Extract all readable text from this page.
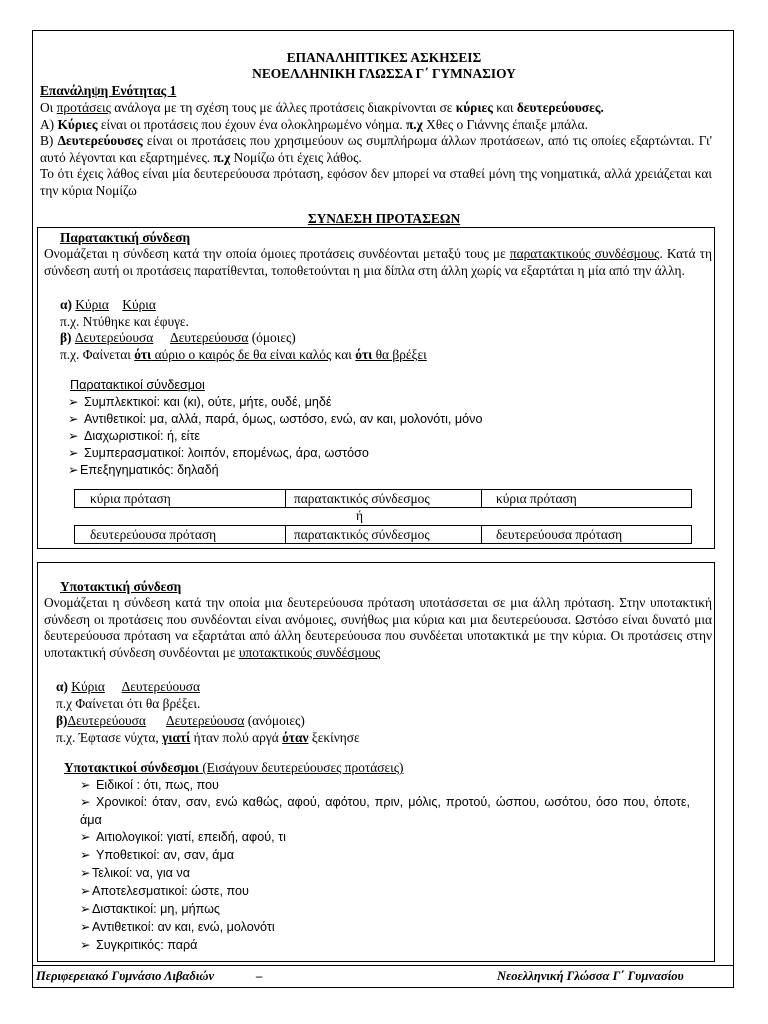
ΕΠΑΝΑΛΗΠΤΙΚΕΣ ΑΣΚΗΣΕΙΣ
ΝΕΟΕΛΛΗΝΙΚΗ ΓΛΩΣΣΑ Γ΄ ΓΥΜΝΑΣΙΟΥ
Επανάληψη Ενότητας 1
Οι προτάσεις ανάλογα με τη σχέση τους με άλλες προτάσεις διακρίνονται σε κύριες και δευτερεύουσες.
Α) Κύριες είναι οι προτάσεις που έχουν ένα ολοκληρωμένο νόημα. π.χ Χθες ο Γιάννης έπαιξε μπάλα.
Β) Δευτερεύουσες είναι οι προτάσεις που χρησιμεύουν ως συμπλήρωμα άλλων προτάσεων, από τις οποίες εξαρτώνται. Γι' αυτό λέγονται και εξαρτημένες. π.χ Νομίζω ότι έχεις λάθος.
Το ότι έχεις λάθος είναι μία δευτερεύουσα πρόταση, εφόσον δεν μπορεί να σταθεί μόνη της νοηματικά, αλλά χρειάζεται και την κύρια Νομίζω
ΣΥΝΔΕΣΗ ΠΡΟΤΑΣΕΩΝ
Παρατακτική σύνδεση
Ονομάζεται η σύνδεση κατά την οποία όμοιες προτάσεις συνδέονται μεταξύ τους με παρατακτικούς συνδέσμους. Κατά τη σύνδεση αυτή οι προτάσεις παρατίθενται, τοποθετούνται η μια δίπλα στη άλλη χωρίς να εξαρτάται η μία από την άλλη.
α) Κύρια Κύρια
π.χ. Ντύθηκε και έφυγε.
β) Δευτερεύουσα Δευτερεύουσα (όμοιες)
π.χ. Φαίνεται ότι αύριο ο καιρός δε θα είναι καλός και ότι θα βρέξει
Παρατακτικοί σύνδεσμοι
➢ Συμπλεκτικοί: και (κι), ούτε, μήτε, ουδέ, μηδέ
➢ Αντιθετικοί: μα, αλλά, παρά, όμως, ωστόσο, ενώ, αν και, μολονότι, μόνο
➢ Διαχωριστικοί: ή, είτε
➢ Συμπερασματικοί: λοιπόν, επομένως, άρα, ωστόσο
➢Επεξηγηματικός: δηλαδή
κύρια πρόταση	παρατακτικός σύνδεσμος	κύρια πρόταση
ή
δευτερεύουσα πρόταση	παρατακτικός σύνδεσμος	δευτερεύουσα πρόταση
Υποτακτική σύνδεση
Ονομάζεται η σύνδεση κατά την οποία μια δευτερεύουσα πρόταση υποτάσσεται σε μια άλλη πρόταση. Στην υποτακτική σύνδεση οι προτάσεις που συνδέονται είναι ανόμοιες, συνήθως μια κύρια και μια δευτερεύουσα. Ωστόσο είναι δυνατό μια δευτερεύουσα πρόταση να εξαρτάται από άλλη δευτερεύουσα που συνδέεται υποτακτικά με την κύρια. Οι προτάσεις στην υποτακτική σύνδεση συνδέονται με υποτακτικούς συνδέσμους
α) Κύρια Δευτερεύουσα
π.χ Φαίνεται ότι θα βρέξει.
β)Δευτερεύουσα Δευτερεύουσα (ανόμοιες)
π.χ. Έφτασε νύχτα, γιατί ήταν πολύ αργά όταν ξεκίνησε
Υποτακτικοί σύνδεσμοι (Εισάγουν δευτερεύουσες προτάσεις)
➢ Ειδικοί : ότι, πως, που
➢ Χρονικοί: όταν, σαν, ενώ καθώς, αφού, αφότου, πριν, μόλις, προτού, ώσπου, ωσότου, όσο που, όποτε, άμα
➢ Αιτιολογικοί: γιατί, επειδή, αφού, τι
➢ Υποθετικοί: αν, σαν, άμα
➢Τελικοί: να, για να
➢Αποτελεσματικοί: ώστε, που
➢Διστακτικοί: μη, μήπως
➢Αντιθετικοί: αν και, ενώ, μολονότι
➢ Συγκριτικός: παρά
Περιφερειακό Γυμνάσιο Λιβαδιών	–	Νεοελληνική Γλώσσα Γ΄ Γυμνασίου
